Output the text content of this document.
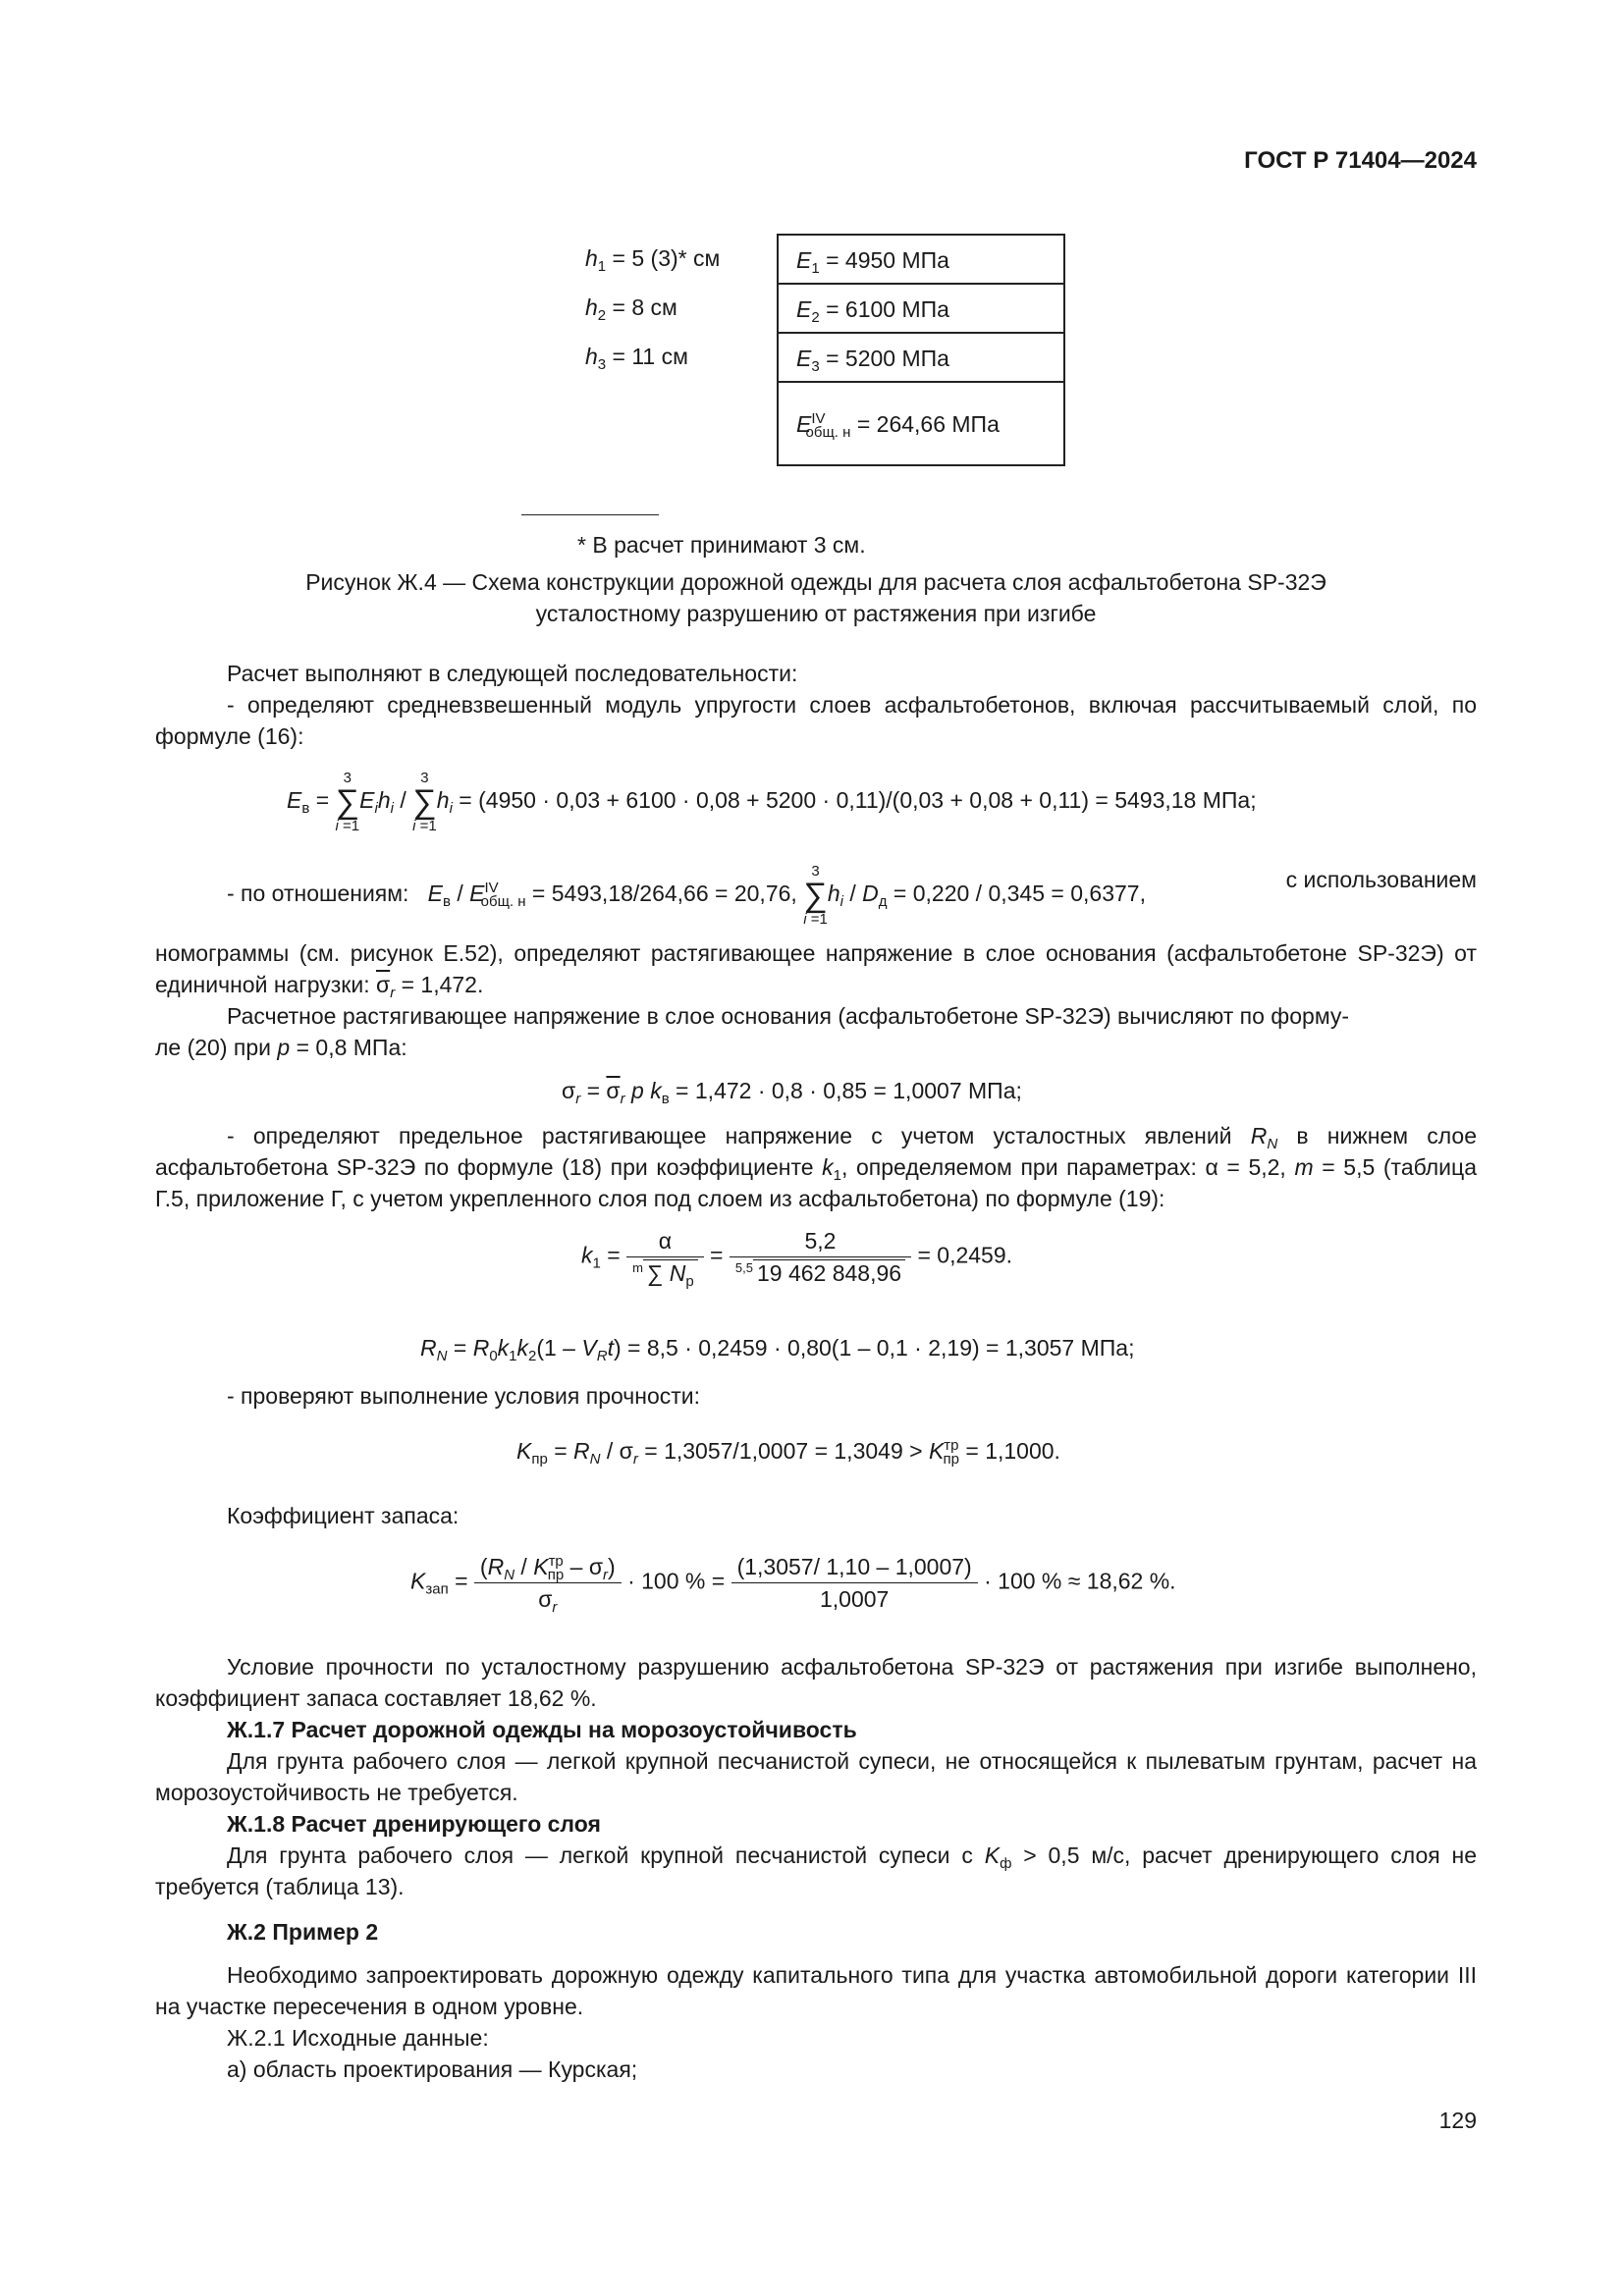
ГОСТ Р 71404—2024
$h_1 = 5$ (3)* см
$h_2 = 8$ см
$h_3 = 11$ см
$E_1 = 4950$ МПа
$E_2 = 6100$ МПа
$E_3 = 5200$ МПа
$E^{IV}_{общ. н} = 264,66$ МПа
* В расчет принимают 3 см.
Рисунок Ж.4 — Схема конструкции дорожной одежды для расчета слоя асфальтобетона SP-32Э
усталостному разрушению от растяжения при изгибе
Расчет выполняют в следующей последовательности:
- определяют средневзвешенный модуль упругости слоев асфальтобетонов, включая рассчитываемый слой, по формуле (16):
$E_в$ =
3
∑
i =1
$E_ih_i$ /
3
∑
i =1
$h_i = (4950 \cdot 0,03 + 6100 \cdot 0,08 + 5200 \cdot 0,11)/(0,03 + 0,08 + 0,11) = 5493,18$ МПа;
- по отношениям: $E_в / E^{IV}_{общ. н} = 5493,18/264,66 = 20,76$,
3
∑
i =1
$h_i / D_д = 0,220 / 0,345 = 0,6377$,
с использованием
номограммы (см. рисунок Е.52), определяют растягивающее напряжение в слое основания (асфальтобетоне SP-32Э) от единичной нагрузки: $\overline{\sigma}_r = 1,472$.
Расчетное растягивающее напряжение в слое основания (асфальтобетоне SP-32Э) вычисляют по форму-
ле (20) при p = 0,8 МПа:
$\sigma_r = \overline{\sigma}_r$ p $k_в = 1,472 \cdot 0,8 \cdot 0,85 = 1,0007$ МПа;
- определяют предельное растягивающее напряжение с учетом усталостных явлений $R_N$ в нижнем слое асфальтобетона SP-32Э по формуле (18) при коэффициенте $k_1$, определяемом при параметрах: α = 5,2, m = 5,5 (таблица Г.5, приложение Г, с учетом укрепленного слоя под слоем из асфальтобетона) по формуле (19):
$k_1 = \frac{\alpha}{^m \sum N_р} = \frac{5,2}{^{5,5} 19 462 848,96} = 0,2459$.
$R_N = R_0k_1k_2(1 - V_Rt) = 8,5 \cdot 0,2459 \cdot 0,80(1 - 0,1 \cdot 2,19) = 1,3057$ МПа;
- проверяют выполнение условия прочности:
$K_{пр} = R_N / \sigma_r = 1,3057/1,0007 = 1,3049 > K^{тр}_{пр} = 1,1000$.
Коэффициент запаса:
$K_{зап} = \frac{(R_N / K^{тр}_{пр} - \sigma_r)}{\sigma_r} \cdot 100$ % = $\frac{(1,3057/ 1,10 - 1,0007)}{1,0007} \cdot 100$ % ≈ 18,62 %.
Условие прочности по усталостному разрушению асфальтобетона SP-32Э от растяжения при изгибе выполнено, коэффициент запаса составляет 18,62 %.
Ж.1.7 Расчет дорожной одежды на морозоустойчивость
Для грунта рабочего слоя — легкой крупной песчанистой супеси, не относящейся к пылеватым грунтам, расчет на морозоустойчивость не требуется.
Ж.1.8 Расчет дренирующего слоя
Для грунта рабочего слоя — легкой крупной песчанистой супеси с $K_ф > 0,5$ м/с, расчет дренирующего слоя не требуется (таблица 13).
Ж.2 Пример 2
Необходимо запроектировать дорожную одежду капитального типа для участка автомобильной дороги категории III на участке пересечения в одном уровне.
Ж.2.1 Исходные данные:
а) область проектирования — Курская;
129
